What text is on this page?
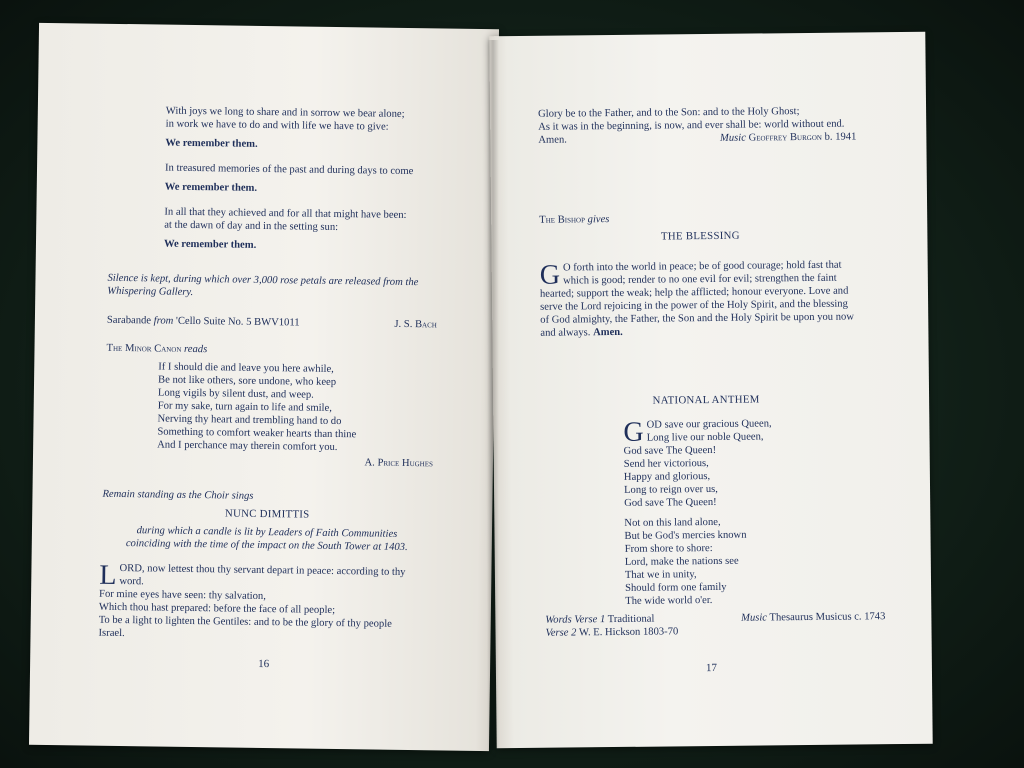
With joys we long to share and in sorrow we bear alone;
in work we have to do and with life we have to give:
We remember them.
In treasured memories of the past and during days to come
We remember them.
In all that they achieved and for all that might have been:
at the dawn of day and in the setting sun:
We remember them.
Silence is kept, during which over 3,000 rose petals are released from the
Whispering Gallery.
Sarabande from 'Cello Suite No. 5 BWV1011	J. S. Bach
The Minor Canon reads
If I should die and leave you here awhile,
Be not like others, sore undone, who keep
Long vigils by silent dust, and weep.
For my sake, turn again to life and smile,
Nerving thy heart and trembling hand to do
Something to comfort weaker hearts than thine
And I perchance may therein comfort you.
A. Price Hughes
Remain standing as the Choir sings
NUNC DIMITTIS
during which a candle is lit by Leaders of Faith Communities
coinciding with the time of the impact on the South Tower at 1403.
L ORD, now lettest thou thy servant depart in peace: according to thy
word.
For mine eyes have seen: thy salvation,
Which thou hast prepared: before the face of all people;
To be a light to lighten the Gentiles: and to be the glory of thy people
Israel.
16
Glory be to the Father, and to the Son: and to the Holy Ghost;
As it was in the beginning, is now, and ever shall be: world without end.
Amen.	Music Geoffrey Burgon b. 1941
The Bishop gives
THE BLESSING
G O forth into the world in peace; be of good courage; hold fast that
which is good; render to no one evil for evil; strengthen the faint
hearted; support the weak; help the afflicted; honour everyone. Love and
serve the Lord rejoicing in the power of the Holy Spirit, and the blessing
of God almighty, the Father, the Son and the Holy Spirit be upon you now
and always. Amen.
NATIONAL ANTHEM
G OD save our gracious Queen,
Long live our noble Queen,
God save The Queen!
Send her victorious,
Happy and glorious,
Long to reign over us,
God save The Queen!
Not on this land alone,
But be God's mercies known
From shore to shore:
Lord, make the nations see
That we in unity,
Should form one family
The wide world o'er.
Words Verse 1 Traditional	Music Thesaurus Musicus c. 1743
Verse 2 W. E. Hickson 1803-70
17
